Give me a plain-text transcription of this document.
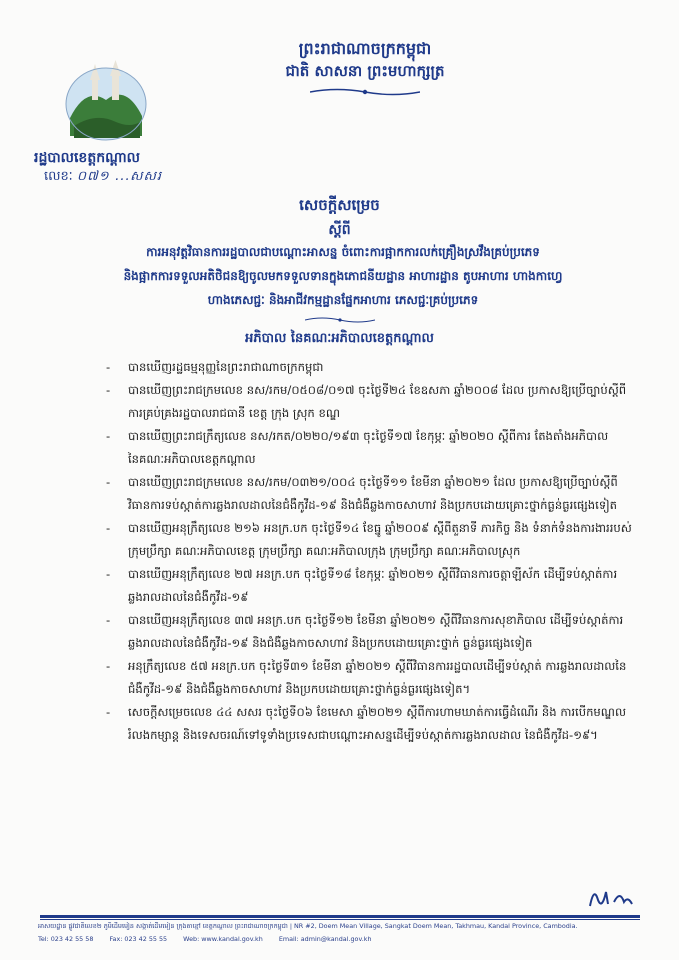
ព្រះរាជាណាចក្រកម្ពុជា
ជាតិ សាសនា ព្រះមហាក្សត្រ
រដ្ឋបាលខេត្តកណ្ដាល
លេខៈ ០៧១ ...សសរ
សេចក្តីសម្រេច
ស្តីពី
ការអនុវត្តវិធានការរដ្ឋបាលជាបណ្តោះអាសន្ន ចំពោះការផ្អាកការលក់គ្រឿងស្រវឹងគ្រប់ប្រភេទ
និងផ្អាកការទទួលអតិថិជនឱ្យចូលមកទទួលទានក្នុងភោជនីយដ្ឋាន អាហារដ្ឋាន តូបអាហារ ហាងកាហ្វេ
ហាងភេសជ្ជៈ និងអាជីវកម្មដ្ឋានផ្នែកអាហារ ភេសជ្ជៈគ្រប់ប្រភេទ
អភិបាល នៃគណៈអភិបាលខេត្តកណ្ដាល
- បានឃើញរដ្ឋធម្មនុញ្ញនៃព្រះរាជាណាចក្រកម្ពុជា
- បានឃើញព្រះរាជក្រមលេខ នស/រកម/០៥០៨/០១៧ ចុះថ្ងៃទី២៤ ខែឧសភា ឆ្នាំ២០០៨ ដែល ប្រកាសឱ្យប្រើច្បាប់ស្តីពីការគ្រប់គ្រងរដ្ឋបាលរាជធានី ខេត្ត ក្រុង ស្រុក ខណ្ឌ
- បានឃើញព្រះរាជក្រឹត្យលេខ នស/រកត/០២២០/១៩៣ ចុះថ្ងៃទី១៧ ខែកុម្ភៈ ឆ្នាំ២០២០ ស្តីពីការ តែងតាំងអភិបាល នៃគណៈអភិបាលខេត្តកណ្ដាល
- បានឃើញព្រះរាជក្រមលេខ នស/រកម/០៣២១/០០៤ ចុះថ្ងៃទី១១ ខែមីនា ឆ្នាំ២០២១ ដែល ប្រកាសឱ្យប្រើច្បាប់ស្តីពីវិធានការទប់ស្កាត់ការឆ្លងរាលដាលនៃជំងឺកូវីដ-១៩ និងជំងឺឆ្លងកាចសាហាវ និងប្រកបដោយគ្រោះថ្នាក់ធ្ងន់ធ្ងរផ្សេងទៀត
- បានឃើញអនុក្រឹត្យលេខ ២១៦ អនក្រ.បក ចុះថ្ងៃទី១៤ ខែធ្នូ ឆ្នាំ២០០៩ ស្តីពីតួនាទី ភារកិច្ច និង ទំនាក់ទំនងការងាររបស់ក្រុមប្រឹក្សា គណៈអភិបាលខេត្ត ក្រុមប្រឹក្សា គណៈអភិបាលក្រុង ក្រុមប្រឹក្សា គណៈអភិបាលស្រុក
- បានឃើញអនុក្រឹត្យលេខ ២៧ អនក្រ.បក ចុះថ្ងៃទី១៨ ខែកុម្ភៈ ឆ្នាំ២០២១ ស្តីពីវិធានការចត្តាឡីស័ក ដើម្បីទប់ស្កាត់ការឆ្លងរាលដាលនៃជំងឺកូវីដ-១៩
- បានឃើញអនុក្រឹត្យលេខ ៣៧ អនក្រ.បក ចុះថ្ងៃទី១២ ខែមីនា ឆ្នាំ២០២១ ស្តីពីវិធានការសុខាភិបាល ដើម្បីទប់ស្កាត់ការឆ្លងរាលដាលនៃជំងឺកូវីដ-១៩ និងជំងឺឆ្លងកាចសាហាវ និងប្រកបដោយគ្រោះថ្នាក់ ធ្ងន់ធ្ងរផ្សេងទៀត
- អនុក្រឹត្យលេខ ៥៧ អនក្រ.បក ចុះថ្ងៃទី៣១ ខែមីនា ឆ្នាំ២០២១ ស្តីពីវិធានការរដ្ឋបាលដើម្បីទប់ស្កាត់ ការឆ្លងរាលដាលនៃជំងឺកូវីដ-១៩ និងជំងឺឆ្លងកាចសាហាវ និងប្រកបដោយគ្រោះថ្នាក់ធ្ងន់ធ្ងរផ្សេងទៀត។
- សេចក្តីសម្រេចលេខ ៤៤ សសរ ចុះថ្ងៃទី០៦ ខែមេសា ឆ្នាំ២០២១ ស្តីពីការហាមឃាត់ការធ្វើដំណើរ និង ការបើកមណ្ឌលរំលងកម្សាន្ត និងទេសចរណ៍ទៅទូទាំងប្រទេសជាបណ្តោះអាសន្នដើម្បីទប់ស្កាត់ការឆ្លងរាលដាល នៃជំងឺកូវីដ-១៩។
អាសយដ្ឋាន ផ្លូវជាតិលេខ២ ភូមិដើមមៀន សង្កាត់ដើមមៀន ក្រុងតាខ្មៅ ខេត្តកណ្ដាល ព្រះរាជាណាចក្រកម្ពុជា | NR #2, Doem Mean Village, Sangkat Doem Mean, Takhmau, Kandal Province, Cambodia.
Tel: 023 42 55 58	Fax: 023 42 55 55	Web: www.kandal.gov.kh	Email: admin@kandal.gov.kh
